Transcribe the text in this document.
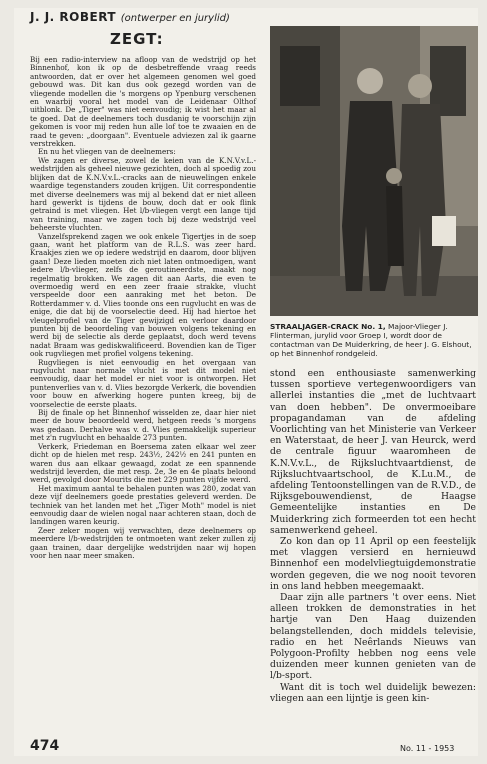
J. J. ROBERT (ontwerper en jurylid)
ZEGT:

Bij een radio-interview na afloop van de wedstrijd op het Binnenhof, kon ik op de desbetreffende vraag reeds antwoorden, dat er over het algemeen genomen wel goed gebouwd was. Dit kan dus ook gezegd worden van de vliegende modellen die 's morgens op Ypenburg verschenen en waarbij vooral het model van de Leidenaar Olthof uitblonk. De „Tiger" was niet eenvoudig; ik wist het maar al te goed. Dat de deelnemers toch dusdanig te voorschijn zijn gekomen is voor mij reden hun alle lof toe te zwaaien en de raad te geven: „doorgaan". Eventuele adviezen zal ik gaarne verstrekken.

En nu het vliegen van de deelnemers:

We zagen er diverse, zowel de keien van de K.N.V.v.L.-wedstrijden als geheel nieuwe gezichten, doch al spoedig zou blijken dat de K.N.V.v.L.-cracks aan de nieuwelingen enkele waardige tegenstanders zouden krijgen. Uit correspondentie met diverse deelnemers was mij al bekend dat er niet alleen hard gewerkt is tijdens de bouw, doch dat er ook flink getraind is met vliegen. Het l/b-vliegen vergt een lange tijd van training, maar we zagen toch bij deze wedstrijd veel beheerste vluchten.

Vanzelfsprekend zagen we ook enkele Tigertjes in de soep gaan, want het platform van de R.L.S. was zeer hard. Kraakjes zien we op iedere wedstrijd en daarom, door blijven gaan! Deze lieden moeten zich niet laten ontmoedigen, want iedere l/b-vlieger, zelfs de geroutineerdste, maakt nog regelmatig brokken. We zagen dit aan Aarts, die even te overmoedig werd en een zeer fraaie strakke, vlucht verspeelde door een aanraking met het beton. De Rotterdammer v. d. Vlies toonde ons een rugvlucht en was de enige, die dat bij de voorselectie deed. Hij had hiertoe het vleugelprofiel van de Tiger gewijzigd en verloor daardoor punten bij de beoordeling van bouwen volgens tekening en werd bij de selectie als derde geplaatst, doch werd tevens nadat Braam was gediskwalificeerd. Bovendien kan de Tiger ook rugvliegen met profiel volgens tekening.

Rugvliegen is niet eenvoudig en het overgaan van rugvlucht naar normale vlucht is met dit model niet eenvoudig, daar het model er niet voor is ontworpen. Het puntenverlies van v. d. Vlies bezorgde Verkerk, die bovendien voor bouw en afwerking hogere punten kreeg, bij de voorselectie de eerste plaats.

Bij de finale op het Binnenhof wisselden ze, daar hier niet meer de bouw beoordeeld werd, hetgeen reeds 's morgens was gedaan. Derhalve was v. d. Vlies gemakkelijk superieur met z'n rugvlucht en behaalde 273 punten.

Verkerk, Friedeman en Boersema zaten elkaar wel zeer dicht op de hielen met resp. 243½, 242½ en 241 punten en waren dus aan elkaar gewaagd, zodat ze een spannende wedstrijd leverden, die met resp. 2e, 3e en 4e plaats beloond werd, gevolgd door Mourits die met 229 punten vijfde werd.

Het maximum aantal te behalen punten was 280, zodat van deze vijf deelnemers goede prestaties geleverd werden. De techniek van het landen met het „Tiger Moth" model is niet eenvoudig daar de wielen nogal naar achteren staan, doch de landingen waren keurig.

Zeer zeker mogen wij verwachten, deze deelnemers op meerdere l/b-wedstrijden te ontmoeten want zeker zullen zij gaan trainen, daar dergelijke wedstrijden naar wij hopen voor hen naar meer smaken.

STRAALJAGER-CRACK No. 1, Majoor-Vlieger J. Flinterman, jurylid voor Groep I, wordt door de contactman van De Muiderkring, de heer J. G. Elshout, op het Binnenhof rondgeleid.

stond een enthousiaste samenwerking tussen sportieve vertegenwoordigers van allerlei instanties die „met de luchtvaart van doen hebben". De onvermoeibare propagandaman van de afdeling Voorlichting van het Ministerie van Verkeer en Waterstaat, de heer J. van Heurck, werd de centrale figuur waaromheen de K.N.V.v.L., de Rijksluchtvaartdienst, de Rijksluchtvaartschool, de K.Lu.M., de afdeling Tentoonstellingen van de R.V.D., de Rijksgebouwendienst, de Haagse Gemeentelijke instanties en De Muiderkring zich formeerden tot een hecht samenwerkend geheel.

Zo kon dan op 11 April op een feestelijk met vlaggen versierd en hernieuwd Binnenhof een modelvliegtuigdemonstratie worden gegeven, die we nog nooit tevoren in ons land hebben meegemaakt.

Daar zijn alle partners 't over eens. Niet alleen trokken de demonstraties in het hartje van Den Haag duizenden belangstellenden, doch middels televisie, radio en het Neêrlands Nieuws van Polygoon-Profilty hebben nog eens vele duizenden meer kunnen genieten van de l/b-sport.

Want dit is toch wel duidelijk bewezen: vliegen aan een lijntje is geen kin-

474	No. 11 - 1953
